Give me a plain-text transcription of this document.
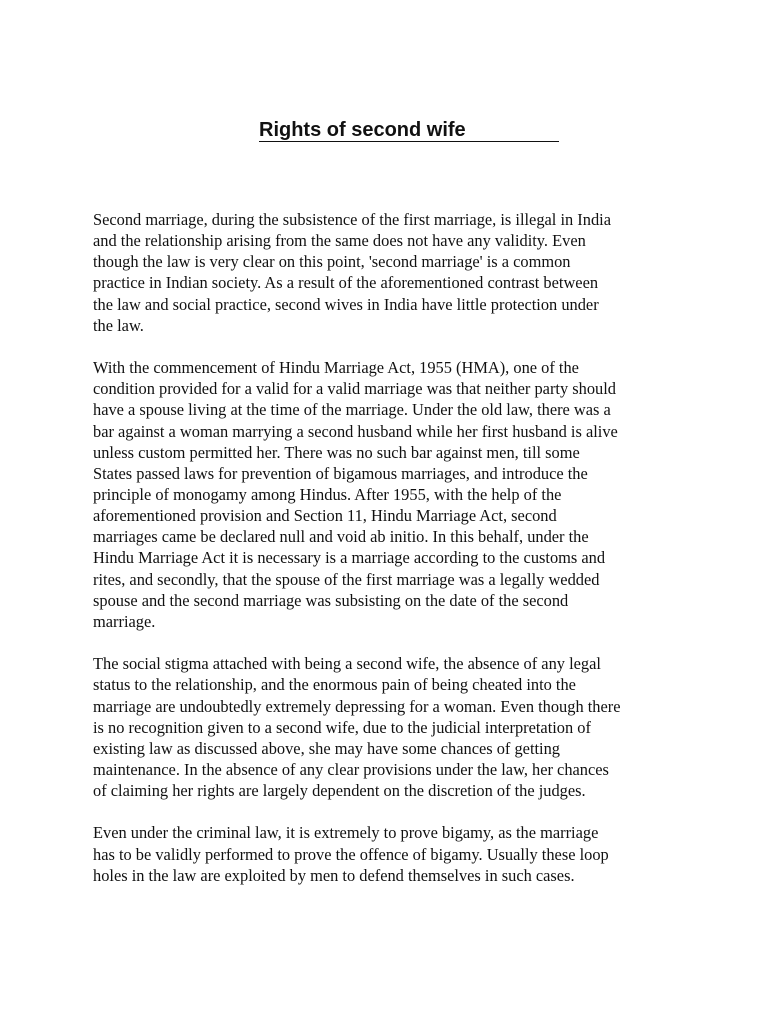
Rights of second wife

Second marriage, during the subsistence of the first marriage, is illegal in India
and the relationship arising from the same does not have any validity. Even
though the law is very clear on this point, 'second marriage' is a common
practice in Indian society. As a result of the aforementioned contrast between
the law and social practice, second wives in India have little protection under
the law.

With the commencement of Hindu Marriage Act, 1955 (HMA), one of the
condition provided for a valid for a valid marriage was that neither party should
have a spouse living at the time of the marriage. Under the old law, there was a
bar against a woman marrying a second husband while her first husband is alive
unless custom permitted her. There was no such bar against men, till some
States passed laws for prevention of bigamous marriages, and introduce the
principle of monogamy among Hindus. After 1955, with the help of the
aforementioned provision and Section 11, Hindu Marriage Act, second
marriages came be declared null and void ab initio. In this behalf, under the
Hindu Marriage Act it is necessary is a marriage according to the customs and
rites, and secondly, that the spouse of the first marriage was a legally wedded
spouse and the second marriage was subsisting on the date of the second
marriage.

The social stigma attached with being a second wife, the absence of any legal
status to the relationship, and the enormous pain of being cheated into the
marriage are undoubtedly extremely depressing for a woman. Even though there
is no recognition given to a second wife, due to the judicial interpretation of
existing law as discussed above, she may have some chances of getting
maintenance. In the absence of any clear provisions under the law, her chances
of claiming her rights are largely dependent on the discretion of the judges.

Even under the criminal law, it is extremely to prove bigamy, as the marriage
has to be validly performed to prove the offence of bigamy. Usually these loop
holes in the law are exploited by men to defend themselves in such cases.
